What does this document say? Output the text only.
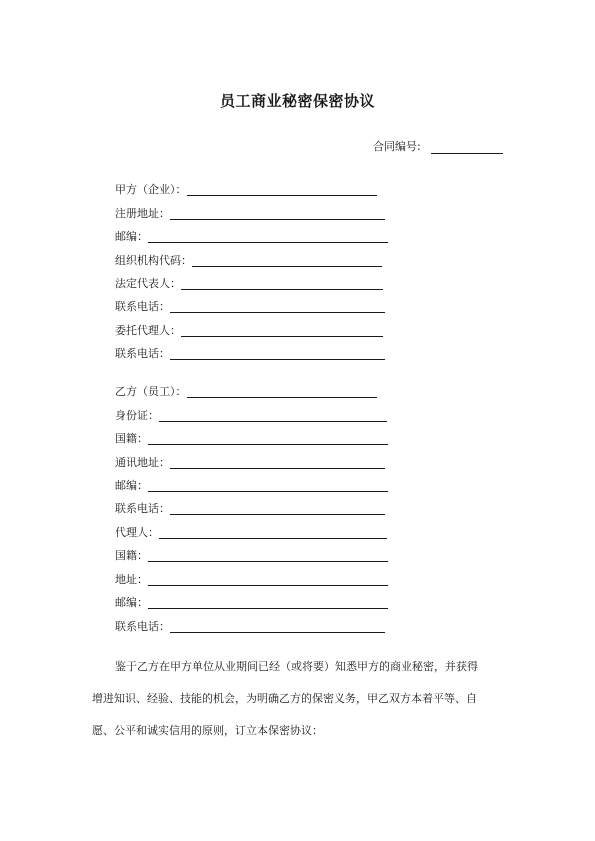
员工商业秘密保密协议
合同编号:
甲方（企业）：
注册地址：
邮编：
组织机构代码：
法定代表人：
联系电话：
委托代理人：
联系电话：
乙方（员工）：
身份证：
国籍：
通讯地址：
邮编：
联系电话：
代理人：
国籍：
地址：
邮编：
联系电话：
鉴于乙方在甲方单位从业期间已经（或将要）知悉甲方的商业秘密，并获得
增进知识、经验、技能的机会，为明确乙方的保密义务，甲乙双方本着平等、自
愿、公平和诚实信用的原则，订立本保密协议：
